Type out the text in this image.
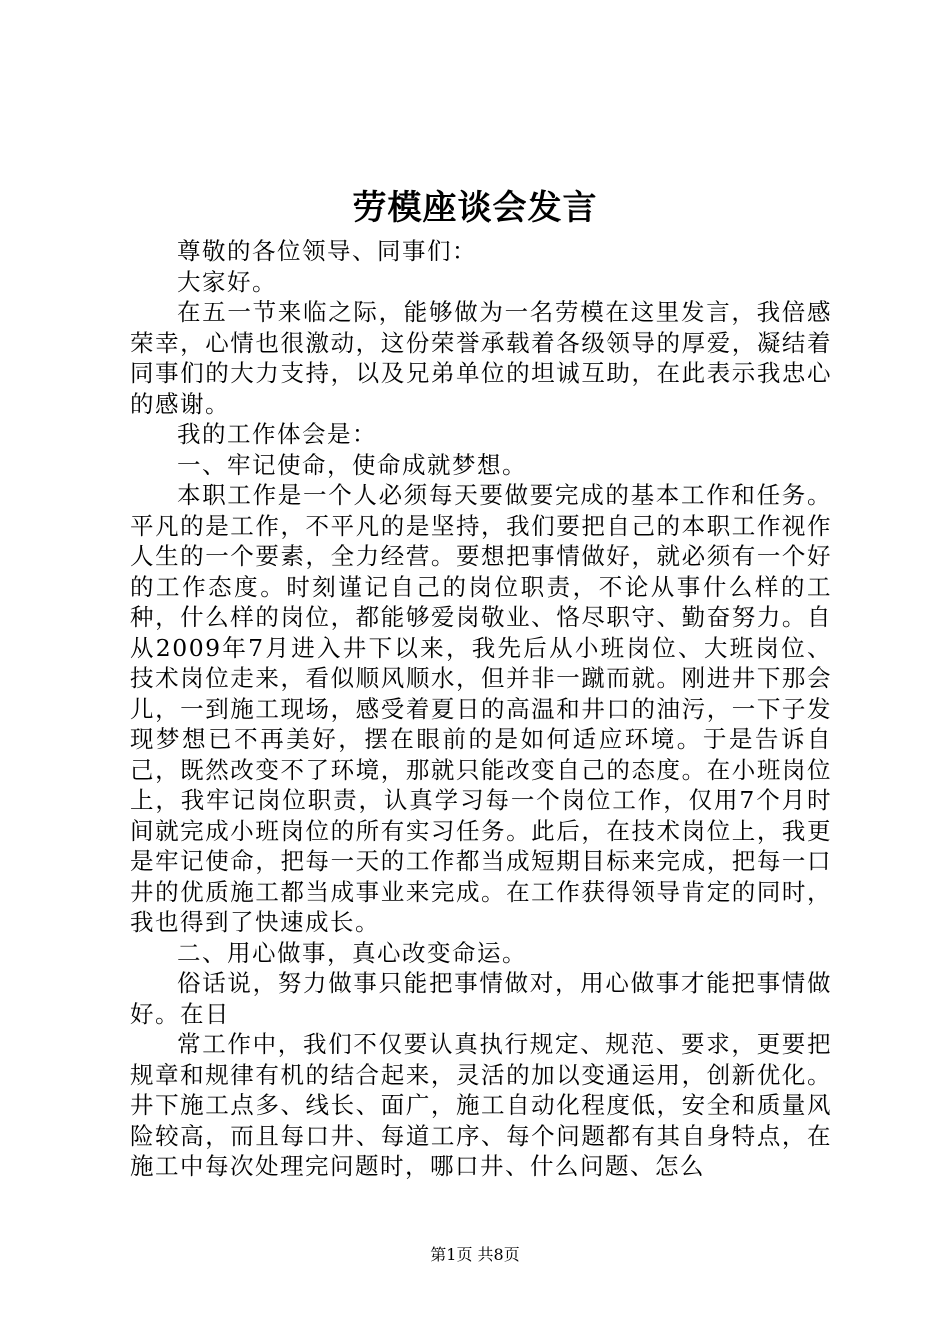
劳模座谈会发言

尊敬的各位领导、同事们：

大家好。

在五一节来临之际，能够做为一名劳模在这里发言，我倍感荣幸，心情也很激动，这份荣誉承载着各级领导的厚爱，凝结着同事们的大力支持，以及兄弟单位的坦诚互助，在此表示我忠心的感谢。

我的工作体会是：

一、牢记使命，使命成就梦想。

本职工作是一个人必须每天要做要完成的基本工作和任务。平凡的是工作，不平凡的是坚持，我们要把自己的本职工作视作人生的一个要素，全力经营。要想把事情做好，就必须有一个好的工作态度。时刻谨记自己的岗位职责，不论从事什么样的工种，什么样的岗位，都能够爱岗敬业、恪尽职守、勤奋努力。自从2009年7月进入井下以来，我先后从小班岗位、大班岗位、技术岗位走来，看似顺风顺水，但并非一蹴而就。刚进井下那会儿，一到施工现场，感受着夏日的高温和井口的油污，一下子发现梦想已不再美好，摆在眼前的是如何适应环境。于是告诉自己，既然改变不了环境，那就只能改变自己的态度。在小班岗位上，我牢记岗位职责，认真学习每一个岗位工作，仅用7个月时间就完成小班岗位的所有实习任务。此后，在技术岗位上，我更是牢记使命，把每一天的工作都当成短期目标来完成，把每一口井的优质施工都当成事业来完成。在工作获得领导肯定的同时，我也得到了快速成长。

二、用心做事，真心改变命运。

俗话说，努力做事只能把事情做对，用心做事才能把事情做好。在日

常工作中，我们不仅要认真执行规定、规范、要求，更要把规章和规律有机的结合起来，灵活的加以变通运用，创新优化。井下施工点多、线长、面广，施工自动化程度低，安全和质量风险较高，而且每口井、每道工序、每个问题都有其自身特点，在施工中每次处理完问题时，哪口井、什么问题、怎么

第1页 共8页
